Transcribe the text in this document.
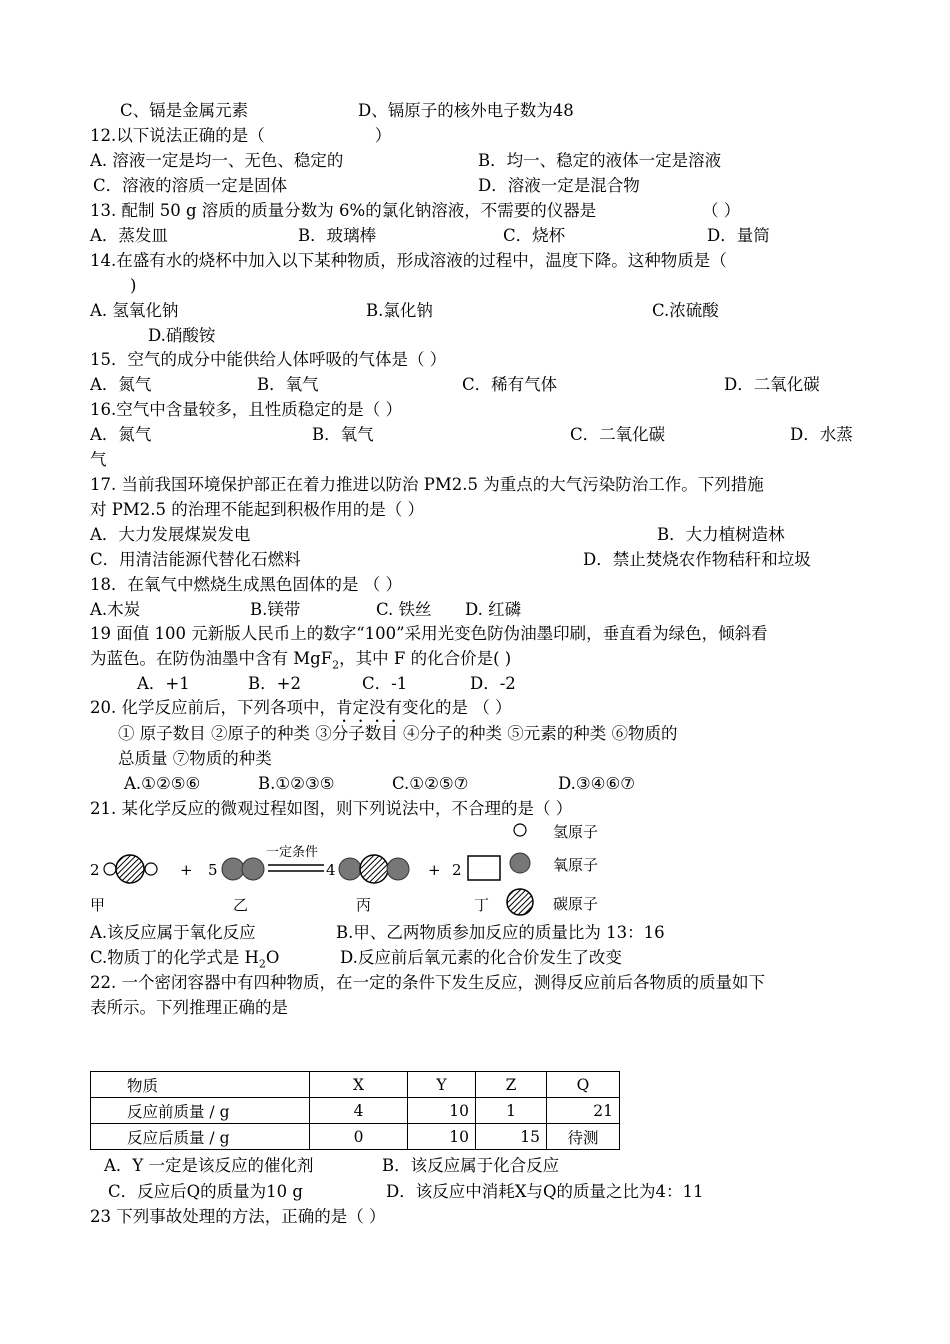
C、镉是金属元素	D、镉原子的核外电子数为48
12.以下说法正确的是（	）
A. 溶液一定是均一、无色、稳定的	B．均一、稳定的液体一定是溶液
C．溶液的溶质一定是固体	D．溶液一定是混合物
13. 配制 50 g 溶质的质量分数为 6%的氯化钠溶液，不需要的仪器是	（ ）
A．蒸发皿	B．玻璃棒	C．烧杯	D．量筒
14.在盛有水的烧杯中加入以下某种物质，形成溶液的过程中，温度下降。这种物质是（
)
A. 氢氧化钠	B.氯化钠	C.浓硫酸
D.硝酸铵
15．空气的成分中能供给人体呼吸的气体是（ ）
A．氮气	B．氧气	C．稀有气体	D．二氧化碳
16.空气中含量较多，且性质稳定的是（ ）
A．氮气	B．氧气	C．二氧化碳	D．水蒸
气
17. 当前我国环境保护部正在着力推进以防治 PM2.5 为重点的大气污染防治工作。下列措施
对 PM2.5 的治理不能起到积极作用的是（ ）
A．大力发展煤炭发电	B．大力植树造林
C．用清洁能源代替化石燃料	D．禁止焚烧农作物秸秆和垃圾
18．在氧气中燃烧生成黑色固体的是 （ ）
A.木炭	B.镁带	C. 铁丝 D. 红磷
19 面值 100 元新版人民币上的数字“100”采用光变色防伪油墨印刷，垂直看为绿色，倾斜看
为蓝色。在防伪油墨中含有 MgF$_2$，其中 F 的化合价是( )
A．+1	B．+2	C．-1	D．-2
20. 化学反应前后，下列各项中，肯定没有变化的是 （ ）
① 原子数目 ②原子的种类 ③分子数目 ④分子的种类 ⑤元素的种类 ⑥物质的
总质量 ⑦物质的种类
A.①②⑤⑥	B.①②③⑤	C.①②⑤⑦	D.③④⑥⑦
21. 某化学反应的微观过程如图，则下列说法中，不合理的是（ ）
2	+ 5	4	+ 2
一定条件
氢原子
氧原子
碳原子
甲	乙	丙	丁
A.该反应属于氧化反应	B.甲、乙两物质参加反应的质量比为 13：16
C.物质丁的化学式是 $H_2O$	D.反应前后氧元素的化合价发生了改变
22. 一个密闭容器中有四种物质，在一定的条件下发生反应，测得反应前后各物质的质量如下
表所示。下列推理正确的是
物质	X	Y	Z	Q
反应前质量 / g	4	10	1	21
反应后质量 / g	0	10	15	待测
A．Y 一定是该反应的催化剂	B．该反应属于化合反应
C．反应后Q的质量为10 g	D．该反应中消耗X与Q的质量之比为4：11
23 下列事故处理的方法，正确的是（ ）
